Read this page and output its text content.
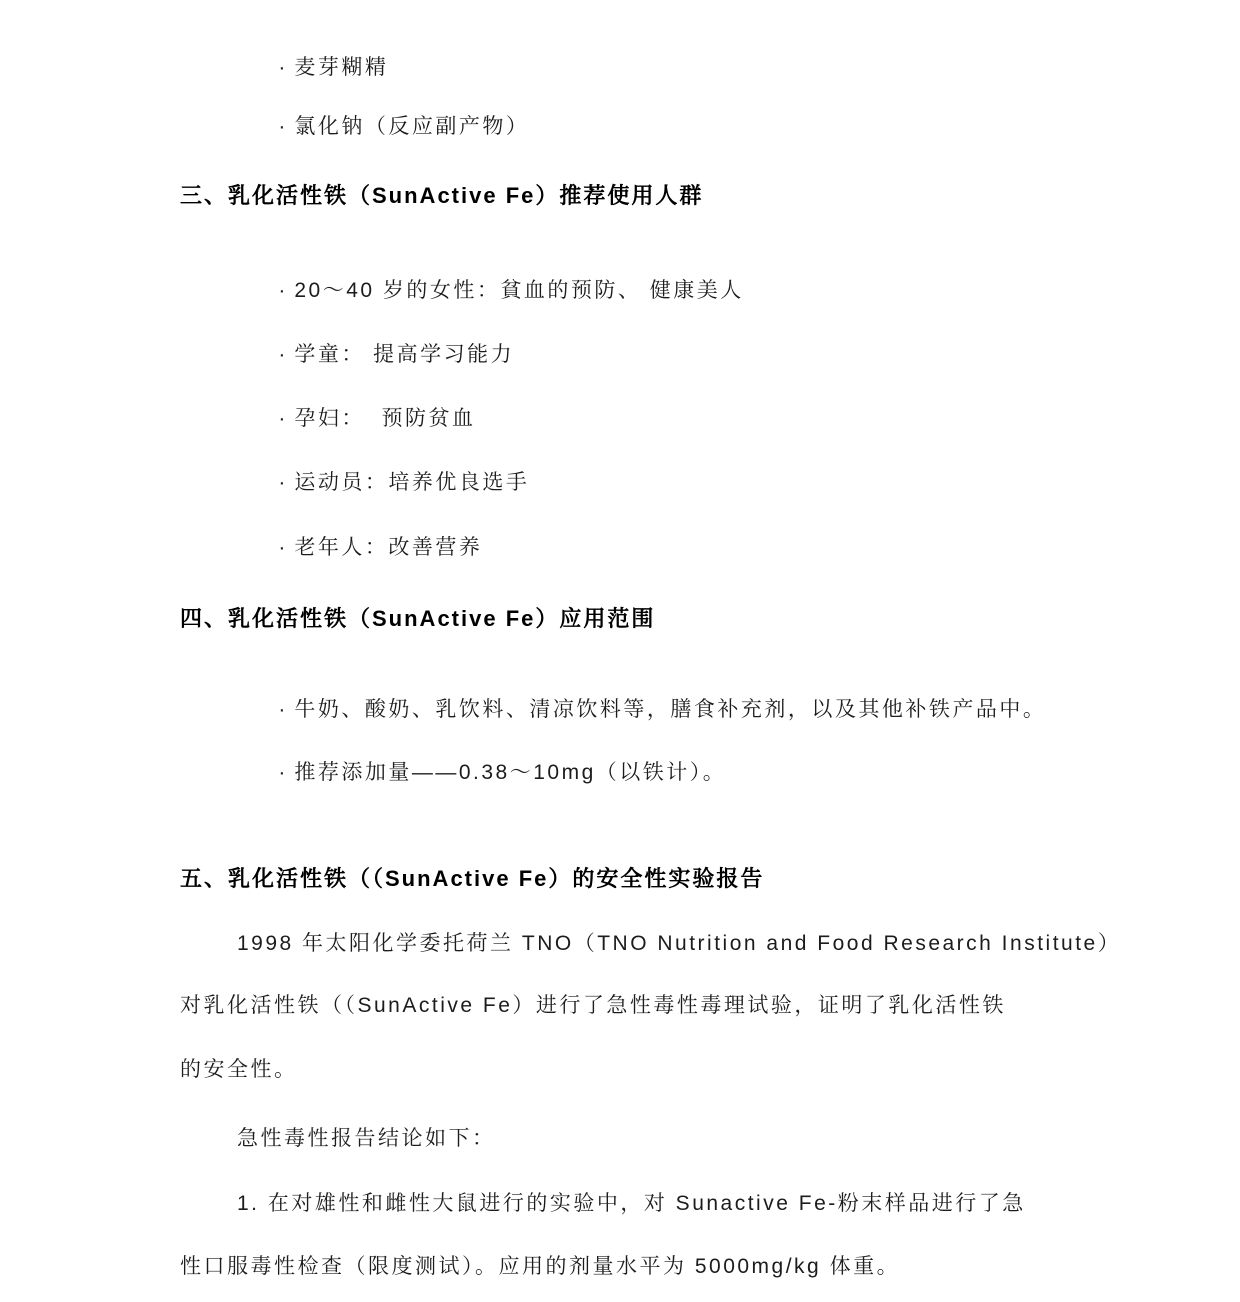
· 麦芽糊精

· 氯化钠（反应副产物）

三、乳化活性铁（SunActive Fe）推荐使用人群

· 20～40 岁的女性：貧血的预防、 健康美人

· 学童： 提高学习能力

· 孕妇：  预防贫血

· 运动员：培养优良选手

· 老年人：改善营养

四、乳化活性铁（SunActive Fe）应用范围

· 牛奶、酸奶、乳饮料、清凉饮料等，膳食补充剂，以及其他补铁产品中。

· 推荐添加量——0.38～10mg（以铁计）。

五、乳化活性铁（（SunActive Fe）的安全性实验报告
1998 年太阳化学委托荷兰 TNO（TNO Nutrition and Food Research Institute）
对乳化活性铁（（SunActive Fe）进行了急性毒性毒理试验，证明了乳化活性铁
的安全性。
急性毒性报告结论如下：
1. 在对雄性和雌性大鼠进行的实验中，对 Sunactive Fe-粉末样品进行了急
性口服毒性检查（限度测试）。应用的剂量水平为 5000mg/kg 体重。
